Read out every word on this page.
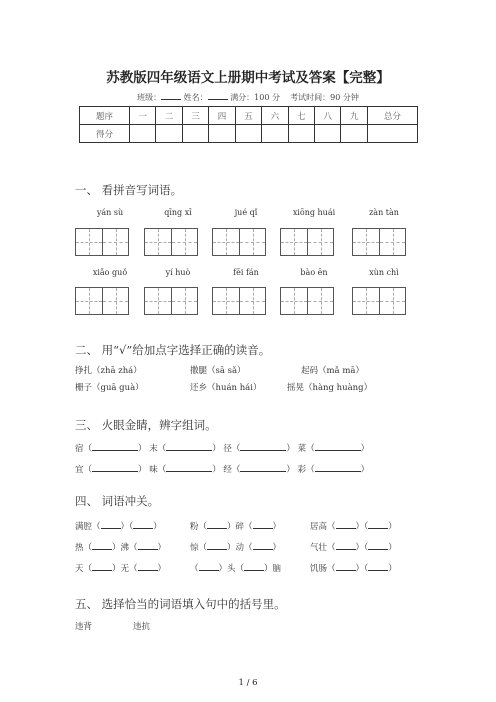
苏教版四年级语文上册期中考试及答案【完整】
班级：	姓名：	满分：100 分 考试时间：90 分钟
题序	一	二	三	四	五	六	七	八	九	总分
得分										
一、 看拼音写词语。
yán sù	qīng xī	jué qǐ	xiōng huái	zàn tàn
xiǎo guǒ	yí huò	fēi fán	bào ēn	xùn chì
二、 用“√”给加点字选择正确的读音。
挣扎（zhā zhá）	撒腿（sā sǎ）	起码（mǎ mā）
栅子（guā guà）	还乡（huán hái）	摇晃（hàng huàng）
三、 火眼金睛，辨字组词。
宿（	） 末（	） 径（	） 菜（	）
宜（	） 味（	） 经（	） 彩（	）
四、 词语冲关。
满腔（ ）（ ）	粉（ ）碎（ ）	居高（ ）（ ）
热（ ）沸（ ）	惊（ ）动（ ）	气壮（ ）（ ）
天（ ）无（ ）	（ ）头（ ）脑	饥肠（ ）（ ）
五、 选择恰当的词语填入句中的括号里。
违背	违抗
1 / 6
